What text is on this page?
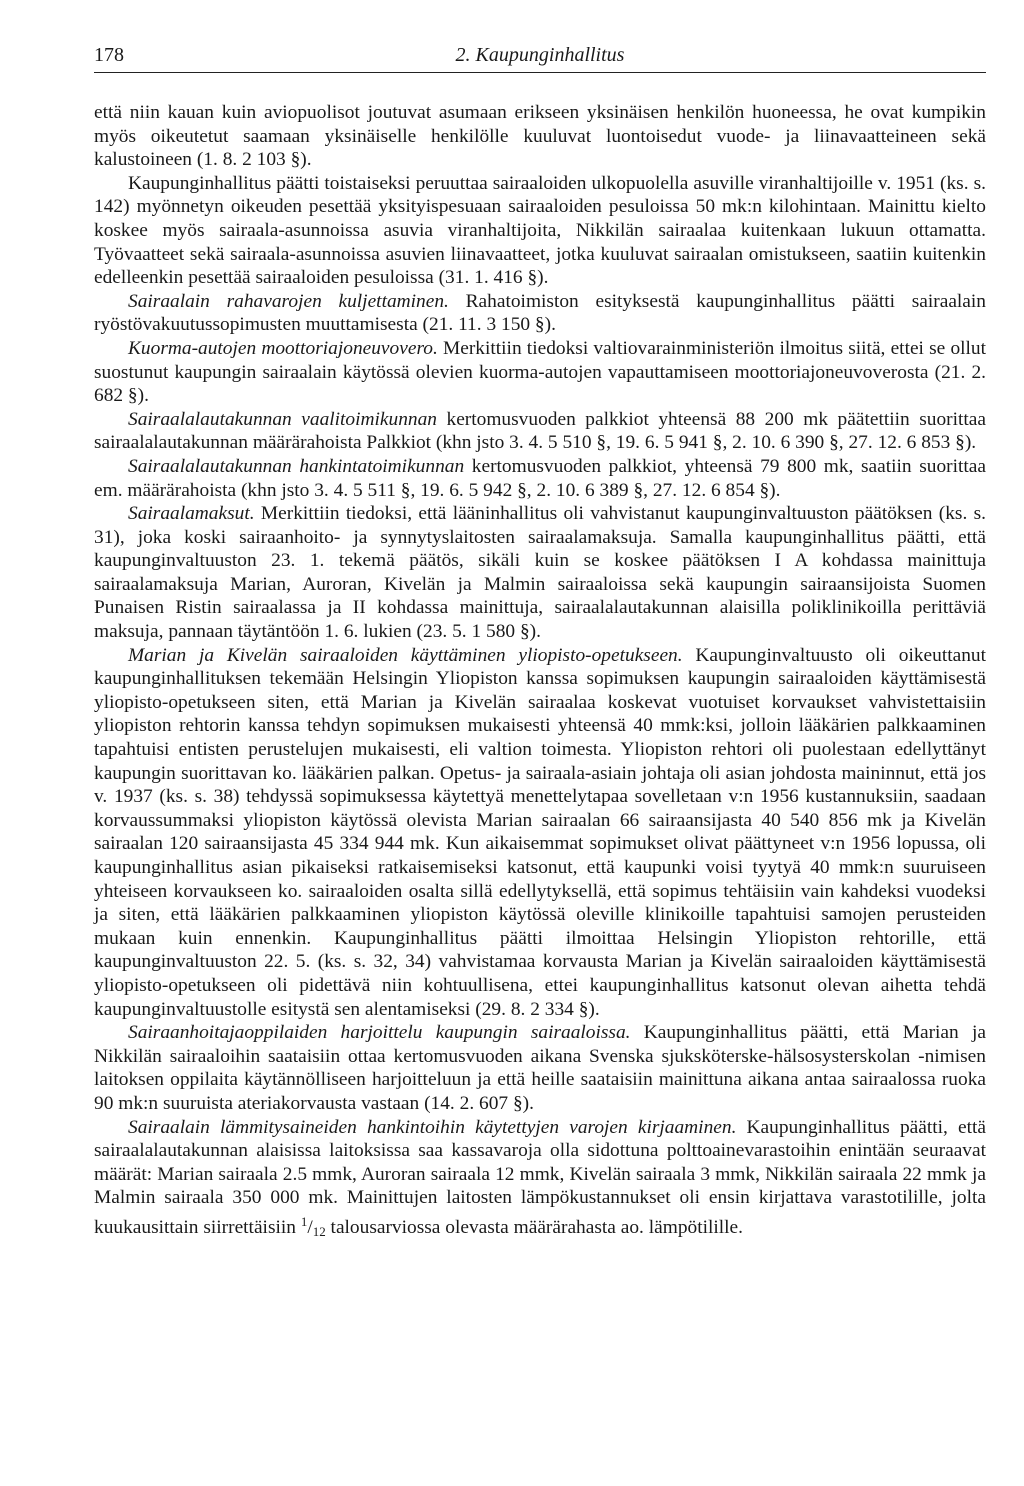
178	2. Kaupunginhallitus

että niin kauan kuin aviopuolisot joutuvat asumaan erikseen yksinäisen henkilön huoneessa, he ovat kumpikin myös oikeutetut saamaan yksinäiselle henkilölle kuuluvat luontoisedut vuode- ja liinavaatteineen sekä kalustoineen (1. 8. 2 103 §).

Kaupunginhallitus päätti toistaiseksi peruuttaa sairaaloiden ulkopuolella asuville viranhaltijoille v. 1951 (ks. s. 142) myönnetyn oikeuden pesettää yksityispesuaan sairaaloiden pesuloissa 50 mk:n kilohintaan. Mainittu kielto koskee myös sairaala-asunnoissa asuvia viranhaltijoita, Nikkilän sairaalaa kuitenkaan lukuun ottamatta. Työvaatteet sekä sairaala-asunnoissa asuvien liinavaatteet, jotka kuuluvat sairaalan omistukseen, saatiin kuitenkin edelleenkin pesettää sairaaloiden pesuloissa (31. 1. 416 §).

Sairaalain rahavarojen kuljettaminen. Rahatoimiston esityksestä kaupunginhallitus päätti sairaalain ryöstövakuutussopimusten muuttamisesta (21. 11. 3 150 §).

Kuorma-autojen moottoriajoneuvovero. Merkittiin tiedoksi valtiovarainministeriön ilmoitus siitä, ettei se ollut suostunut kaupungin sairaalain käytössä olevien kuorma-autojen vapauttamiseen moottoriajoneuvoverosta (21. 2. 682 §).

Sairaalalautakunnan vaalitoimikunnan kertomusvuoden palkkiot yhteensä 88 200 mk päätettiin suorittaa sairaalalautakunnan määrärahoista Palkkiot (khn jsto 3. 4. 5 510 §, 19. 6. 5 941 §, 2. 10. 6 390 §, 27. 12. 6 853 §).

Sairaalalautakunnan hankintatoimikunnan kertomusvuoden palkkiot, yhteensä 79 800 mk, saatiin suorittaa em. määrärahoista (khn jsto 3. 4. 5 511 §, 19. 6. 5 942 §, 2. 10. 6 389 §, 27. 12. 6 854 §).

Sairaalamaksut. Merkittiin tiedoksi, että lääninhallitus oli vahvistanut kaupunginvaltuuston päätöksen (ks. s. 31), joka koski sairaanhoito- ja synnytyslaitosten sairaalamaksuja. Samalla kaupunginhallitus päätti, että kaupunginvaltuuston 23. 1. tekemä päätös, sikäli kuin se koskee päätöksen I A kohdassa mainittuja sairaalamaksuja Marian, Auroran, Kivelän ja Malmin sairaaloissa sekä kaupungin sairaansijoista Suomen Punaisen Ristin sairaalassa ja II kohdassa mainittuja, sairaalalautakunnan alaisilla poliklinikoilla perittäviä maksuja, pannaan täytäntöön 1. 6. lukien (23. 5. 1 580 §).

Marian ja Kivelän sairaaloiden käyttäminen yliopisto-opetukseen. Kaupunginvaltuusto oli oikeuttanut kaupunginhallituksen tekemään Helsingin Yliopiston kanssa sopimuksen kaupungin sairaaloiden käyttämisestä yliopisto-opetukseen siten, että Marian ja Kivelän sairaalaa koskevat vuotuiset korvaukset vahvistettaisiin yliopiston rehtorin kanssa tehdyn sopimuksen mukaisesti yhteensä 40 mmk:ksi, jolloin lääkärien palkkaaminen tapahtuisi entisten perustelujen mukaisesti, eli valtion toimesta. Yliopiston rehtori oli puolestaan edellyttänyt kaupungin suorittavan ko. lääkärien palkan. Opetus- ja sairaala-asiain johtaja oli asian johdosta maininnut, että jos v. 1937 (ks. s. 38) tehdyssä sopimuksessa käytettyä menettelytapaa sovelletaan v:n 1956 kustannuksiin, saadaan korvaussummaksi yliopiston käytössä olevista Marian sairaalan 66 sairaansijasta 40 540 856 mk ja Kivelän sairaalan 120 sairaansijasta 45 334 944 mk. Kun aikaisemmat sopimukset olivat päättyneet v:n 1956 lopussa, oli kaupunginhallitus asian pikaiseksi ratkaisemiseksi katsonut, että kaupunki voisi tyytyä 40 mmk:n suuruiseen yhteiseen korvaukseen ko. sairaaloiden osalta sillä edellytyksellä, että sopimus tehtäisiin vain kahdeksi vuodeksi ja siten, että lääkärien palkkaaminen yliopiston käytössä oleville klinikoille tapahtuisi samojen perusteiden mukaan kuin ennenkin. Kaupunginhallitus päätti ilmoittaa Helsingin Yliopiston rehtorille, että kaupunginvaltuuston 22. 5. (ks. s. 32, 34) vahvistamaa korvausta Marian ja Kivelän sairaaloiden käyttämisestä yliopisto-opetukseen oli pidettävä niin kohtuullisena, ettei kaupunginhallitus katsonut olevan aihetta tehdä kaupunginvaltuustolle esitystä sen alentamiseksi (29. 8. 2 334 §).

Sairaanhoitajaoppilaiden harjoittelu kaupungin sairaaloissa. Kaupunginhallitus päätti, että Marian ja Nikkilän sairaaloihin saataisiin ottaa kertomusvuoden aikana Svenska sjuksköterske-hälsosysterskolan -nimisen laitoksen oppilaita käytännölliseen harjoitteluun ja että heille saataisiin mainittuna aikana antaa sairaalossa ruoka 90 mk:n suuruista ateriakorvausta vastaan (14. 2. 607 §).

Sairaalain lämmitysaineiden hankintoihin käytettyjen varojen kirjaaminen. Kaupunginhallitus päätti, että sairaalalautakunnan alaisissa laitoksissa saa kassavaroja olla sidottuna polttoainevarastoihin enintään seuraavat määrät: Marian sairaala 2.5 mmk, Auroran sairaala 12 mmk, Kivelän sairaala 3 mmk, Nikkilän sairaala 22 mmk ja Malmin sairaala 350 000 mk. Mainittujen laitosten lämpökustannukset oli ensin kirjattava varastotilille, jolta kuukausittain siirrettäisiin $^1$/12 talousarviossa olevasta määrärahasta ao. lämpötilille.
